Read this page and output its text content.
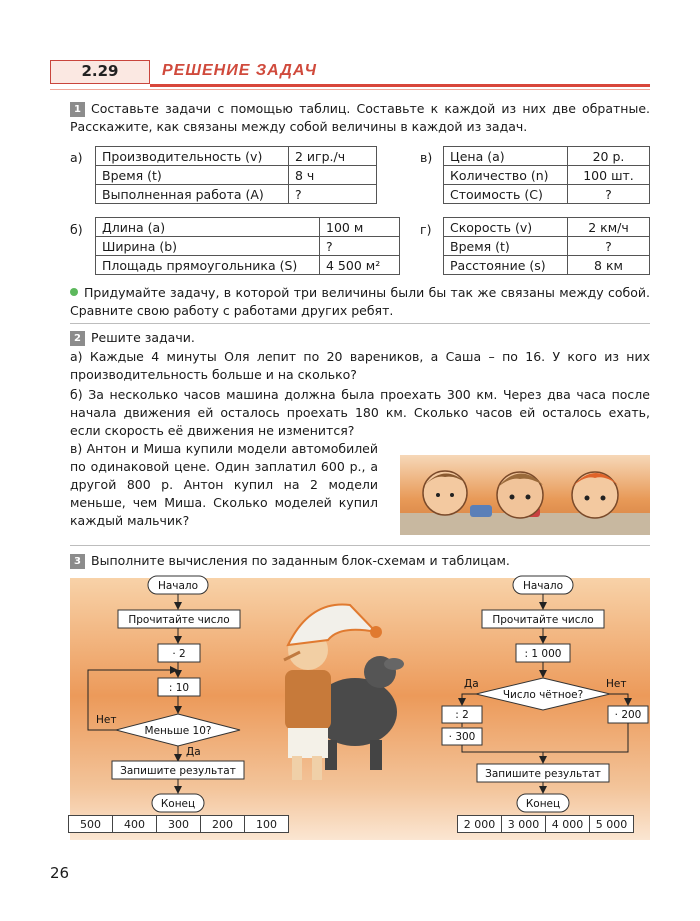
2.29	РЕШЕНИЕ ЗАДАЧ
1 Составьте задачи с помощью таблиц. Составьте к каждой из них две обратные. Расскажите, как связаны между собой величины в каждой из задач.
а) Производительность (v)	2 игр./ч
Время (t)	8 ч
Выполненная работа (A)	?
в) Цена (a)	20 р.
Количество (n)	100 шт.
Стоимость (C)	?
б) Длина (a)	100 м
Ширина (b)	?
Площадь прямоугольника (S)	4 500 м²
г) Скорость (v)	2 км/ч
Время (t)	?
Расстояние (s)	8 км
Придумайте задачу, в которой три величины были бы так же связаны между собой. Сравните свою работу с работами других ребят.
2 Решите задачи.
а) Каждые 4 минуты Оля лепит по 20 вареников, а Саша – по 16. У кого из них производительность больше и на сколько?
б) За несколько часов машина должна была проехать 300 км. Через два часа после начала движения ей осталось проехать 180 км. Сколько часов ей осталось ехать, если скорость её движения не изменится?
в) Антон и Миша купили модели автомобилей по одинаковой цене. Один заплатил 600 р., а другой 800 р. Антон купил на 2 модели меньше, чем Миша. Сколько моделей купил каждый мальчик?
3 Выполните вычисления по заданным блок-схемам и таблицам.
Начало
Прочитайте число
· 2
: 10
Меньше 10?
Нет
Да
Запишите результат
Конец
Начало
Прочитайте число
: 1 000
Число чётное?
Да	Нет
: 2
· 300
· 200
Запишите результат
Конец
500	400	300	200	100	2 000	3 000	4 000	5 000
26
